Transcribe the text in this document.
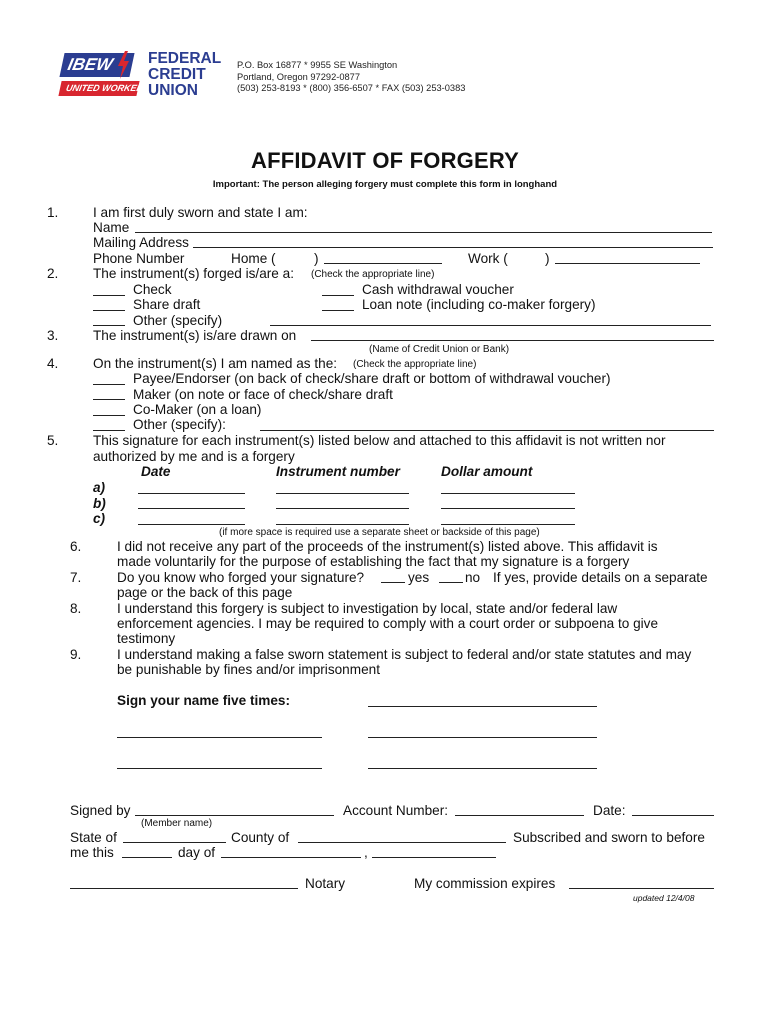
IBEW
UNITED WORKERS
FEDERAL
CREDIT
UNION
P.O. Box 16877 * 9955 SE Washington
Portland, Oregon 97292-0877
(503) 253-8193 * (800) 356-6507 * FAX (503) 253-0383
AFFIDAVIT OF FORGERY
Important: The person alleging forgery must complete this form in longhand
1.	I am first duly sworn and state I am:
Name
Mailing Address
Phone Number	Home (	)	Work (	)
2.	The instrument(s) forged is/are a: (Check the appropriate line)
Check	Cash withdrawal voucher
Share draft	Loan note (including co-maker forgery)
Other (specify)
3.	The instrument(s) is/are drawn on
(Name of Credit Union or Bank)
4.	On the instrument(s) I am named as the: (Check the appropriate line)
Payee/Endorser (on back of check/share draft or bottom of withdrawal voucher)
Maker (on note or face of check/share draft
Co-Maker (on a loan)
Other (specify):
5.	This signature for each instrument(s) listed below and attached to this affidavit is not written nor
authorized by me and is a forgery
Date	Instrument number	Dollar amount
a)
b)
c)
(if more space is required use a separate sheet or backside of this page)
6.	I did not receive any part of the proceeds of the instrument(s) listed above. This affidavit is
made voluntarily for the purpose of establishing the fact that my signature is a forgery
7.	Do you know who forged your signature?	yes	no If yes, provide details on a separate
page or the back of this page
8.	I understand this forgery is subject to investigation by local, state and/or federal law
enforcement agencies. I may be required to comply with a court order or subpoena to give
testimony
9.	I understand making a false sworn statement is subject to federal and/or state statutes and may
be punishable by fines and/or imprisonment
Sign your name five times:
Signed by	Account Number:	Date:
(Member name)
State of	County of	Subscribed and sworn to before
me this	day of	,
Notary	My commission expires
updated 12/4/08
